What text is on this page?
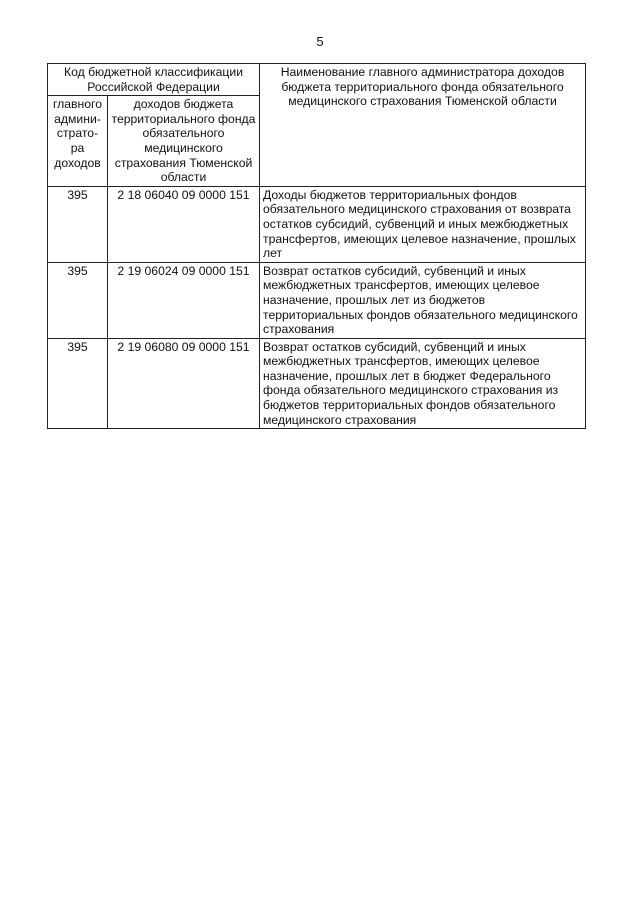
5
Код бюджетной классификации Российской Федерации		Наименование главного администратора доходов бюджета территориального фонда обязательного медицинского страхования Тюменской области
главного админи-страто-ра доходов	доходов бюджета территориального фонда обязательного медицинского страхования Тюменской области	
395	2 18 06040 09 0000 151	Доходы бюджетов территориальных фондов обязательного медицинского страхования от возврата остатков субсидий, субвенций и иных межбюджетных трансфертов, имеющих целевое назначение, прошлых лет
395	2 19 06024 09 0000 151	Возврат остатков субсидий, субвенций и иных межбюджетных трансфертов, имеющих целевое назначение, прошлых лет из бюджетов территориальных фондов обязательного медицинского страхования
395	2 19 06080 09 0000 151	Возврат остатков субсидий, субвенций и иных межбюджетных трансфертов, имеющих целевое назначение, прошлых лет в бюджет Федерального фонда обязательного медицинского страхования из бюджетов территориальных фондов обязательного медицинского страхования
